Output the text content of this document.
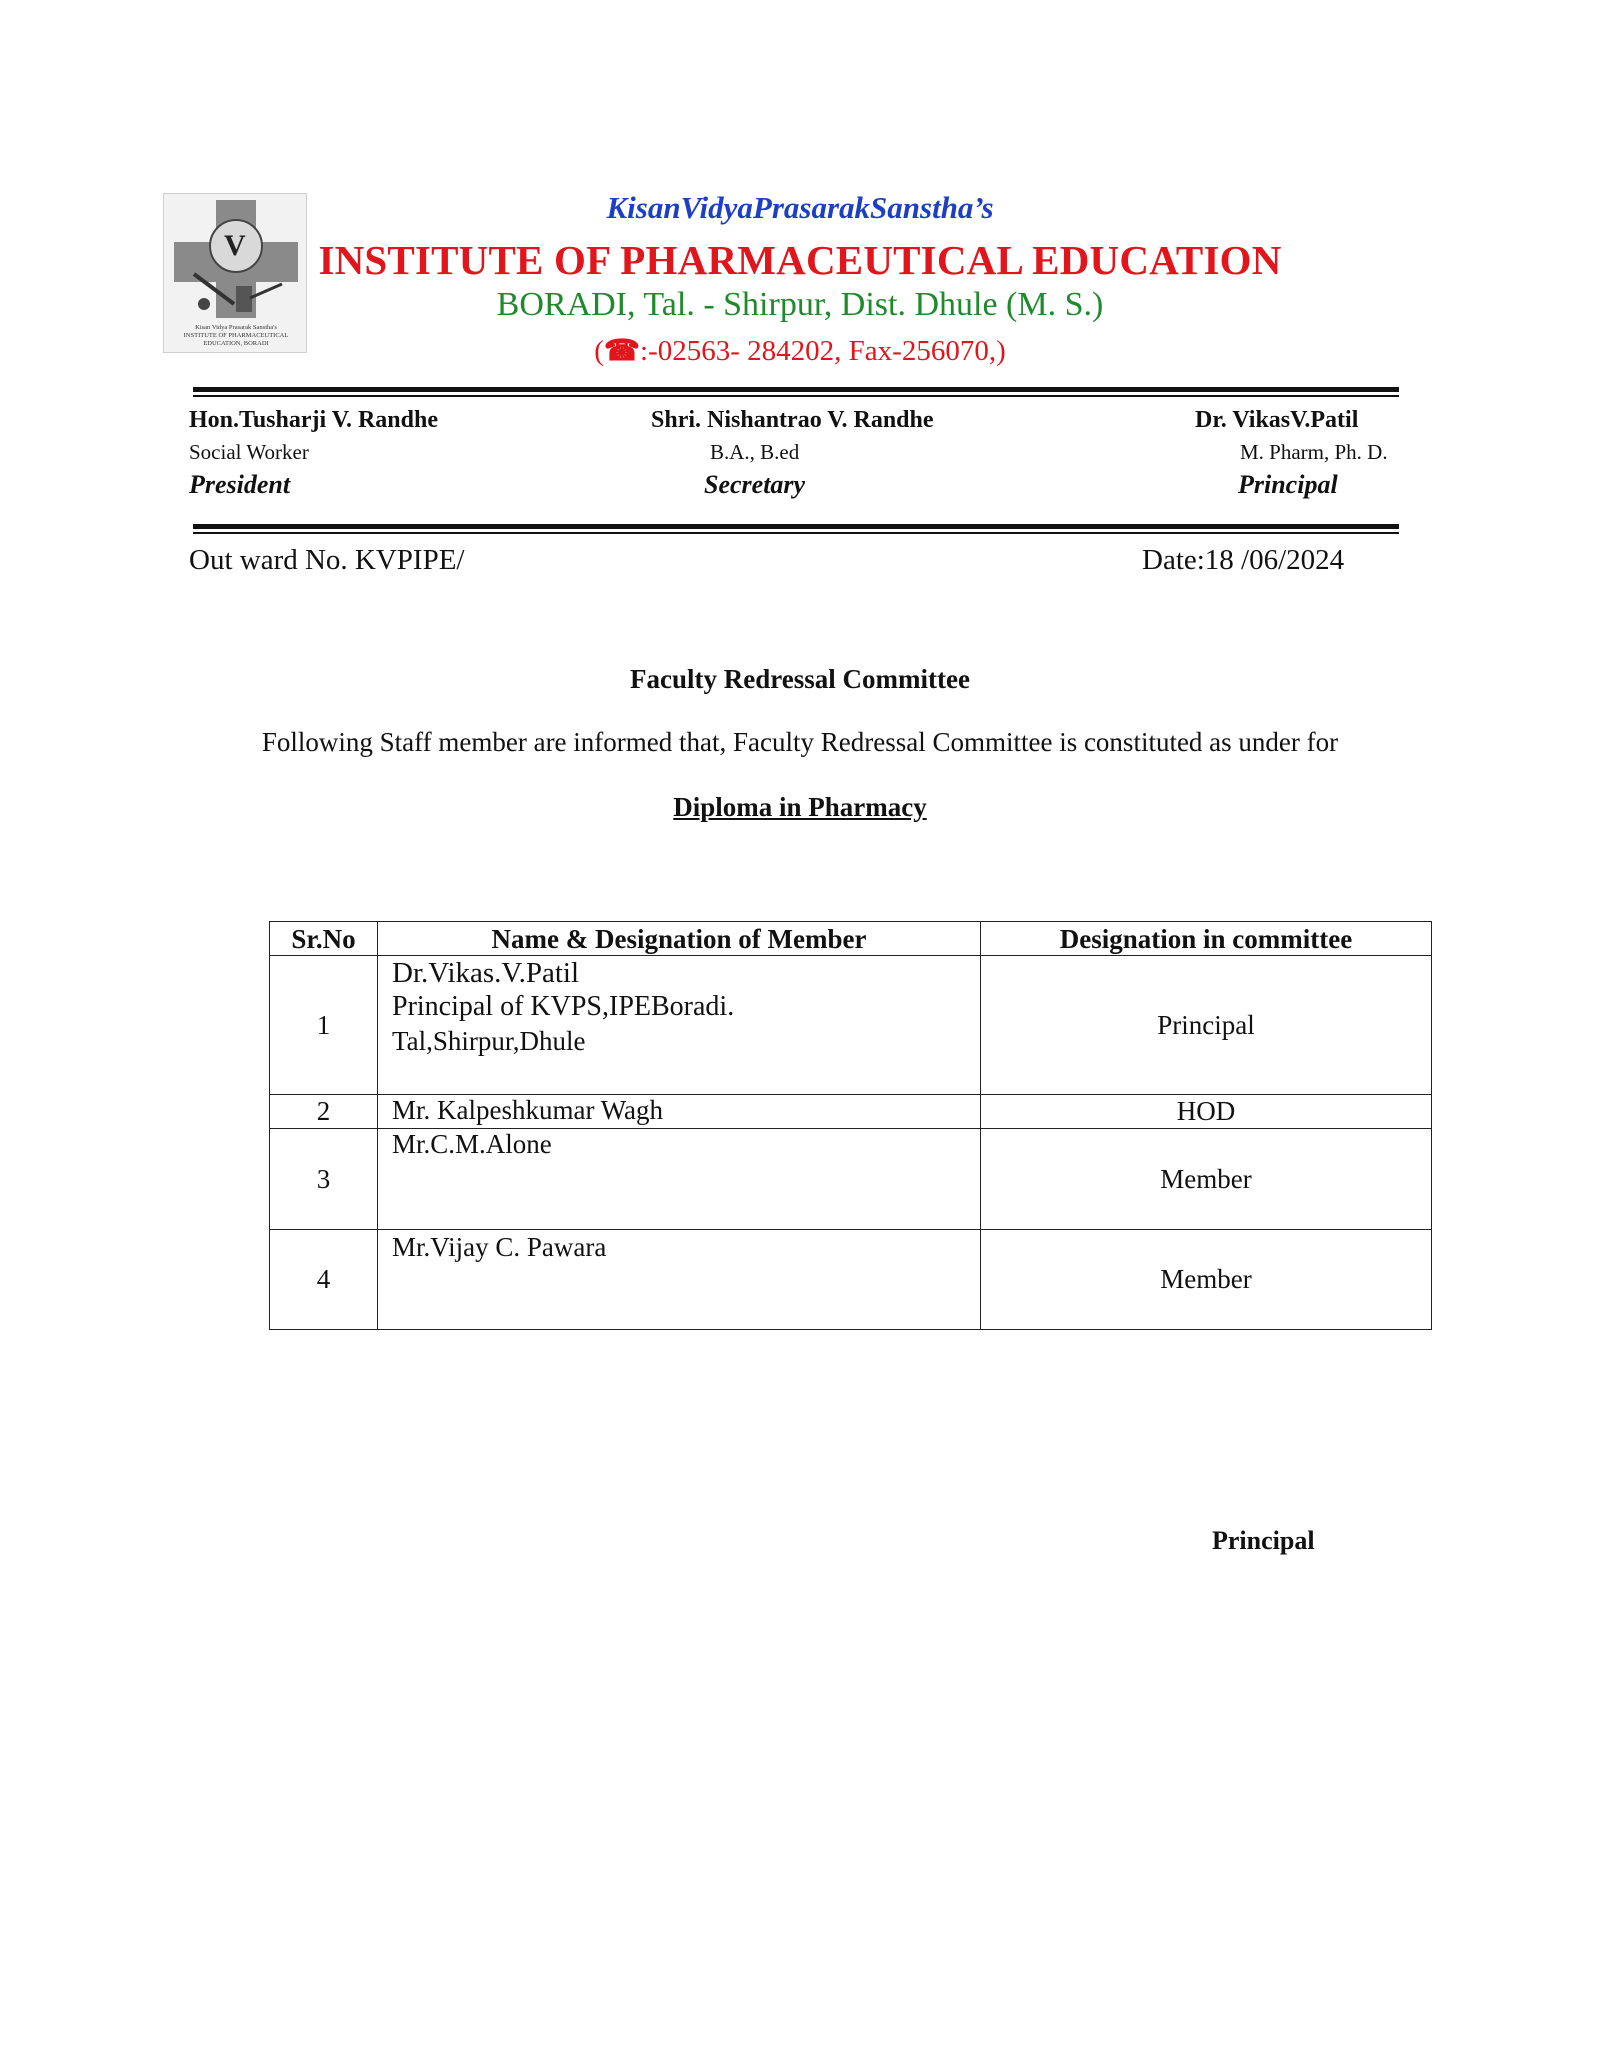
V
Kisan Vidya Prasarak Sanstha's
INSTITUTE OF PHARMACEUTICAL
EDUCATION, BORADI
KisanVidyaPrasarakSanstha’s
INSTITUTE OF PHARMACEUTICAL EDUCATION
BORADI, Tal. - Shirpur, Dist. Dhule (M. S.)
(☎:-02563- 284202, Fax-256070,)
Hon.Tusharji V. Randhe
Social Worker
President
Shri. Nishantrao V. Randhe
B.A., B.ed
Secretary
Dr. VikasV.Patil
M. Pharm, Ph. D.
Principal
Out ward No. KVPIPE/	Date:18 /06/2024
Faculty Redressal Committee
Following Staff member are informed that, Faculty Redressal Committee is constituted as under for
Diploma in Pharmacy
Sr.No	Name & Designation of Member	Designation in committee
1	Dr.Vikas.V.Patil
Principal of KVPS,IPEBoradi.
Tal,Shirpur,Dhule	Principal
2	Mr. Kalpeshkumar Wagh	HOD
3	Mr.C.M.Alone	Member
4	Mr.Vijay C. Pawara	Member
Principal
